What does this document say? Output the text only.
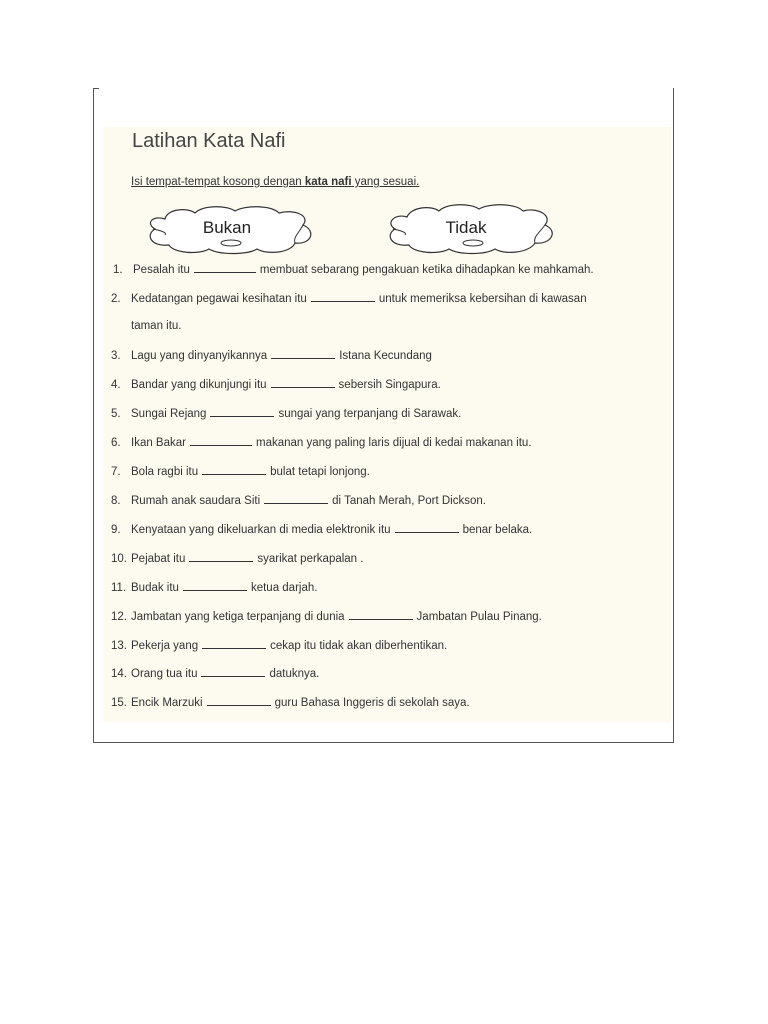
Latihan Kata Nafi
Isi tempat-tempat kosong dengan kata nafi yang sesuai.
Bukan	Tidak
1. Pesalah itu	membuat sebarang pengakuan ketika dihadapkan ke mahkamah.
2. Kedatangan pegawai kesihatan itu	untuk memeriksa kebersihan di kawasan
taman itu.
3. Lagu yang dinyanyikannya	Istana Kecundang
4. Bandar yang dikunjungi itu	sebersih Singapura.
5. Sungai Rejang	sungai yang terpanjang di Sarawak.
6. Ikan Bakar	makanan yang paling laris dijual di kedai makanan itu.
7. Bola ragbi itu	bulat tetapi lonjong.
8. Rumah anak saudara Siti	di Tanah Merah, Port Dickson.
9. Kenyataan yang dikeluarkan di media elektronik itu	benar belaka.
10. Pejabat itu	syarikat perkapalan .
11. Budak itu	ketua darjah.
12. Jambatan yang ketiga terpanjang di dunia	Jambatan Pulau Pinang.
13. Pekerja yang	cekap itu tidak akan diberhentikan.
14. Orang tua itu	datuknya.
15. Encik Marzuki	guru Bahasa Inggeris di sekolah saya.
